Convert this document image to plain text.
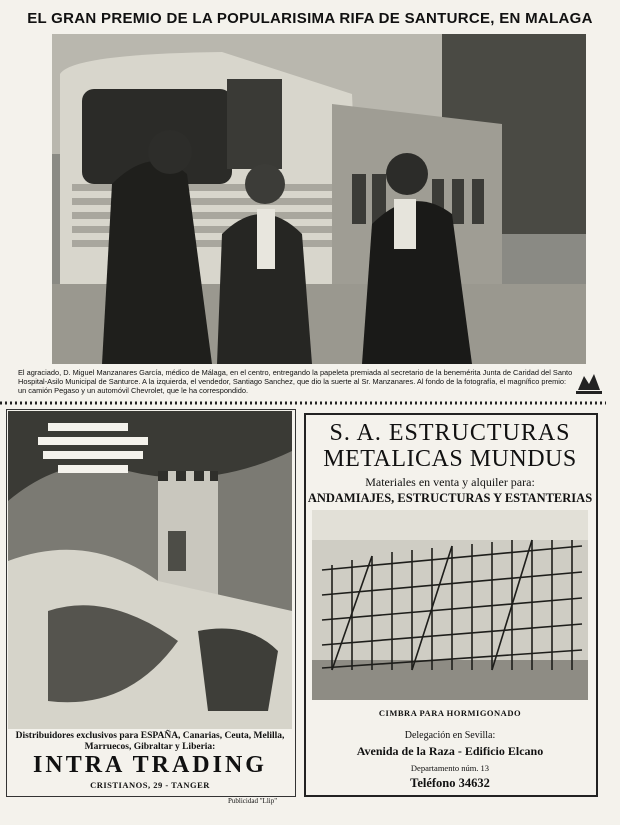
EL GRAN PREMIO DE LA POPULARISIMA RIFA DE SANTURCE, EN MALAGA
El agraciado, D. Miguel Manzanares García, médico de Málaga, en el centro, entregando la papeleta premiada al secretario de la benemérita Junta de Caridad del Santo Hospital-Asilo Municipal de Santurce. A la izquierda, el vendedor, Santiago Sanchez, que dio la suerte al Sr. Manzanares. Al fondo de la fotografía, el magnífico premio: un camión Pegaso y un automóvil Chevrolet, que le ha correspondido.
Distribuidores exclusivos para ESPAÑA, Canarias, Ceuta, Melilla, Marruecos, Gibraltar y Liberia:
INTRA TRADING
CRISTIANOS, 29 - TANGER
Publicidad "Llip"
S. A. ESTRUCTURAS
METALICAS MUNDUS
Materiales en venta y alquiler para:
ANDAMIAJES, ESTRUCTURAS Y ESTANTERIAS
CIMBRA PARA HORMIGONADO
Delegación en Sevilla:
Avenida de la Raza - Edificio Elcano
Departamento núm. 13
Teléfono 34632
